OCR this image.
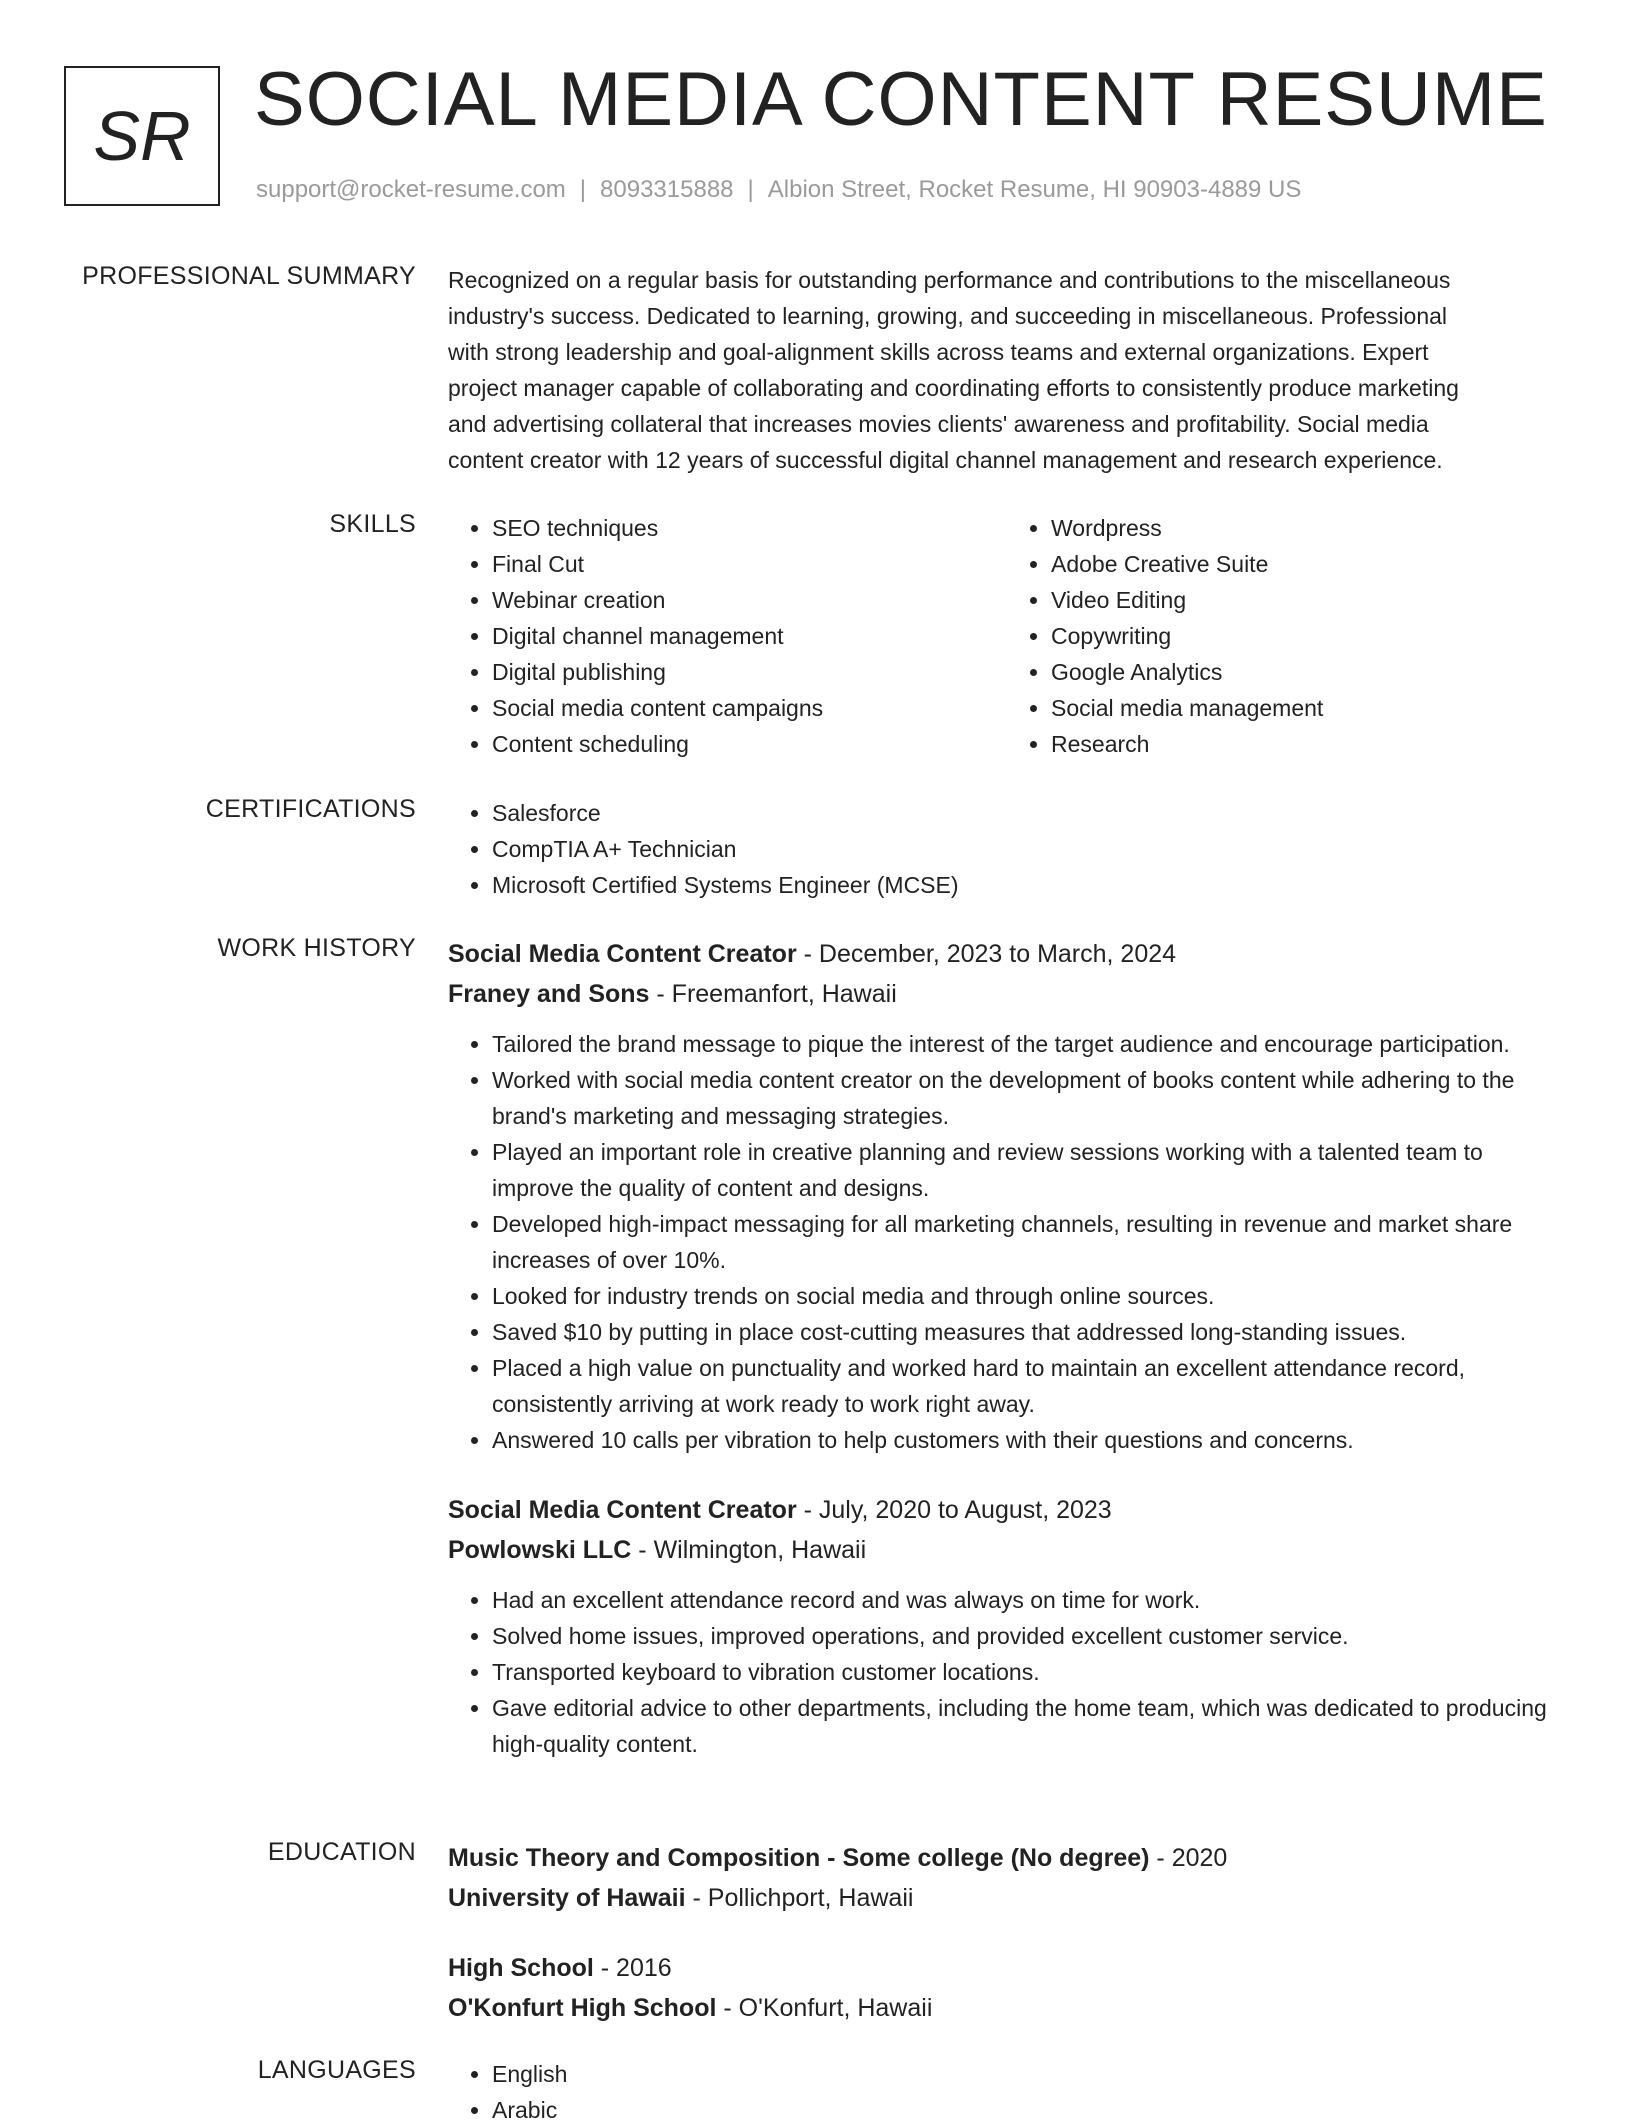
SR SOCIAL MEDIA CONTENT RESUME
support@rocket-resume.com | 8093315888 | Albion Street, Rocket Resume, HI 90903-4889 US
PROFESSIONAL SUMMARY Recognized on a regular basis for outstanding performance and contributions to the miscellaneous
industry's success. Dedicated to learning, growing, and succeeding in miscellaneous. Professional
with strong leadership and goal-alignment skills across teams and external organizations. Expert
project manager capable of collaborating and coordinating efforts to consistently produce marketing
and advertising collateral that increases movies clients' awareness and profitability. Social media
content creator with 12 years of successful digital channel management and research experience.
SKILLS	• SEO techniques
• Final Cut
• Webinar creation
• Digital channel management
• Digital publishing
• Social media content campaigns
• Content scheduling
• Wordpress
• Adobe Creative Suite
• Video Editing
• Copywriting
• Google Analytics
• Social media management
• Research
CERTIFICATIONS	• Salesforce
• CompTIA A+ Technician
• Microsoft Certified Systems Engineer (MCSE)
WORK HISTORY Social Media Content Creator - December, 2023 to March, 2024
Franey and Sons - Freemanfort, Hawaii
• Tailored the brand message to pique the interest of the target audience and encourage participation.
• Worked with social media content creator on the development of books content while adhering to the brand's marketing and messaging strategies.
• Played an important role in creative planning and review sessions working with a talented team to improve the quality of content and designs.
• Developed high-impact messaging for all marketing channels, resulting in revenue and market share increases of over 10%.
• Looked for industry trends on social media and through online sources.
• Saved $10 by putting in place cost-cutting measures that addressed long-standing issues.
• Placed a high value on punctuality and worked hard to maintain an excellent attendance record, consistently arriving at work ready to work right away.
• Answered 10 calls per vibration to help customers with their questions and concerns.
Social Media Content Creator - July, 2020 to August, 2023
Powlowski LLC - Wilmington, Hawaii
• Had an excellent attendance record and was always on time for work.
• Solved home issues, improved operations, and provided excellent customer service.
• Transported keyboard to vibration customer locations.
• Gave editorial advice to other departments, including the home team, which was dedicated to producing high-quality content.
EDUCATION Music Theory and Composition - Some college (No degree) - 2020
University of Hawaii - Pollichport, Hawaii
High School - 2016
O'Konfurt High School - O'Konfurt, Hawaii
LANGUAGES	• English
• Arabic
